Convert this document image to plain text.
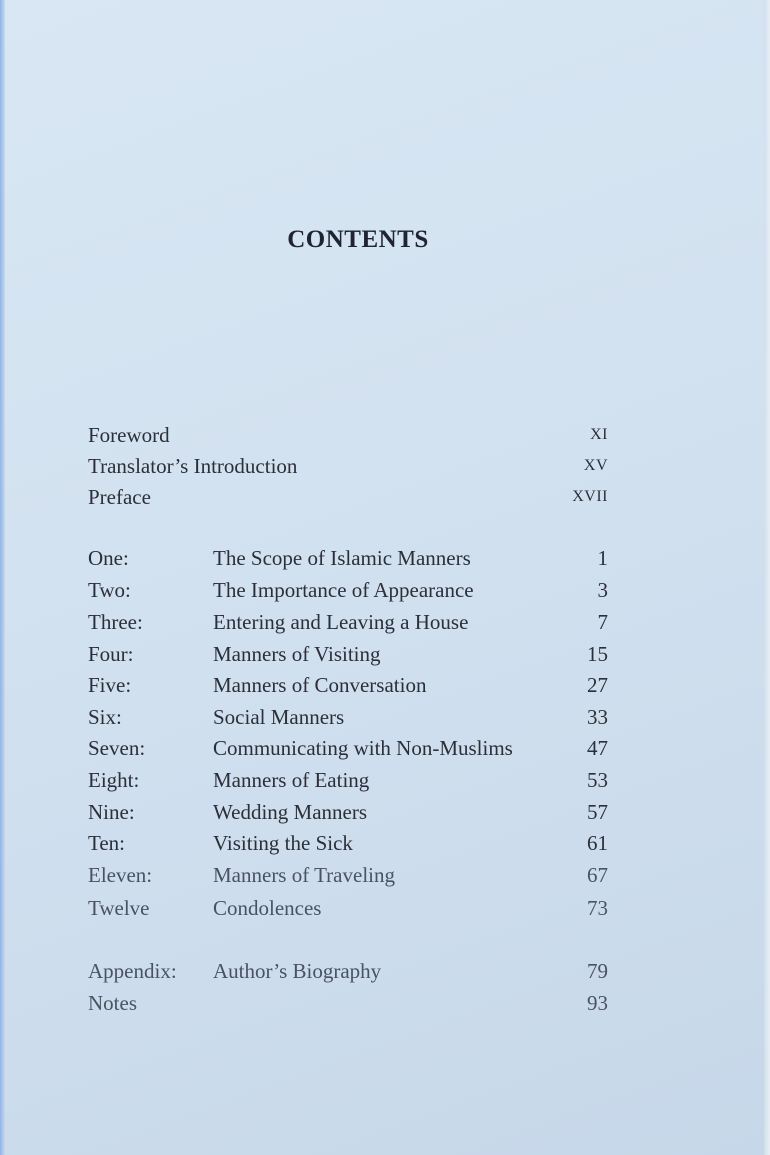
CONTENTS
Foreword	XI
Translator’s Introduction	XV
Preface	XVII
One:	The Scope of Islamic Manners	1
Two:	The Importance of Appearance	3
Three:	Entering and Leaving a House	7
Four:	Manners of Visiting	15
Five:	Manners of Conversation	27
Six:	Social Manners	33
Seven:	Communicating with Non-Muslims	47
Eight:	Manners of Eating	53
Nine:	Wedding Manners	57
Ten:	Visiting the Sick	61
Eleven:	Manners of Traveling	67
Twelve	Condolences	73
Appendix: Author’s Biography	79
Notes	93
